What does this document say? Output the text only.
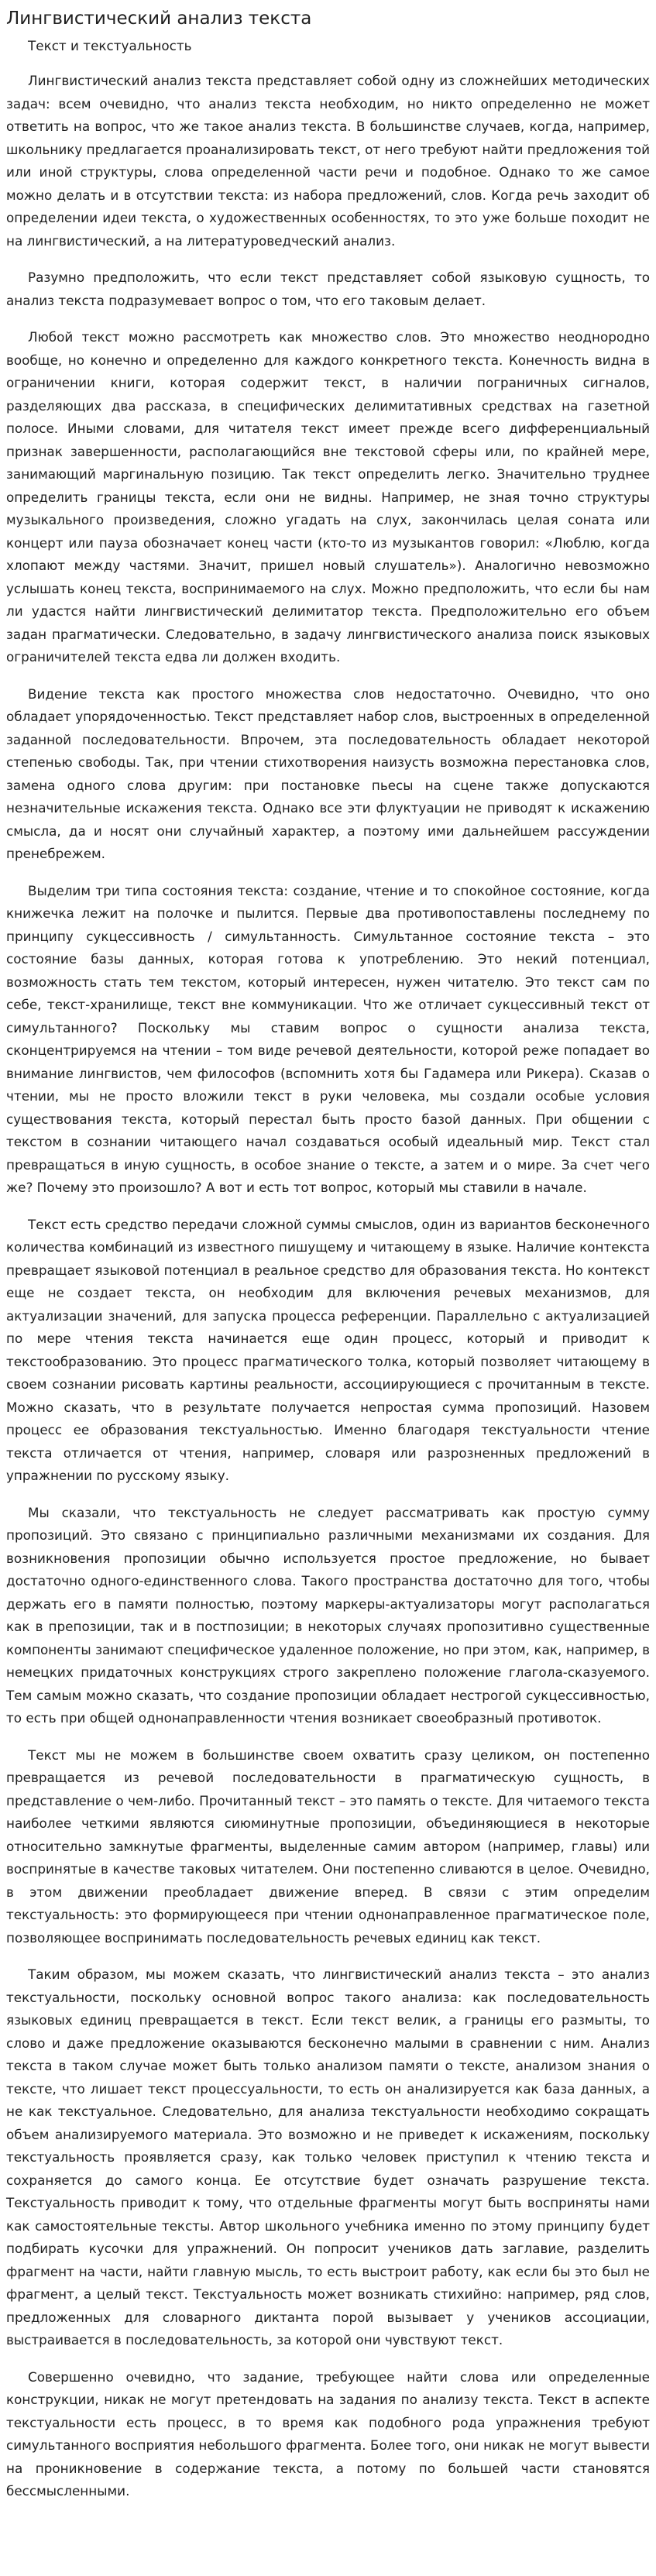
Лингвистический анализ текста
Текст и текстуальность

Лингвистический анализ текста представляет собой одну из сложнейших методических задач: всем очевидно, что анализ текста необходим, но никто определенно не может ответить на вопрос, что же такое анализ текста. В большинстве случаев, когда, например, школьнику предлагается проанализировать текст, от него требуют найти предложения той или иной структуры, слова определенной части речи и подобное. Однако то же самое можно делать и в отсутствии текста: из набора предложений, слов. Когда речь заходит об определении идеи текста, о художественных особенностях, то это уже больше походит не на лингвистический, а на литературоведческий анализ.

Разумно предположить, что если текст представляет собой языковую сущность, то анализ текста подразумевает вопрос о том, что его таковым делает.

Любой текст можно рассмотреть как множество слов. Это множество неоднородно вообще, но конечно и определенно для каждого конкретного текста. Конечность видна в ограничении книги, которая содержит текст, в наличии пограничных сигналов, разделяющих два рассказа, в специфических делимитативных средствах на газетной полосе. Иными словами, для читателя текст имеет прежде всего дифференциальный признак завершенности, располагающийся вне текстовой сферы или, по крайней мере, занимающий маргинальную позицию. Так текст определить легко. Значительно труднее определить границы текста, если они не видны. Например, не зная точно структуры музыкального произведения, сложно угадать на слух, закончилась целая соната или концерт или пауза обозначает конец части (кто-то из музыкантов говорил: «Люблю, когда хлопают между частями. Значит, пришел новый слушатель»). Аналогично невозможно услышать конец текста, воспринимаемого на слух. Можно предположить, что если бы нам ли удастся найти лингвистический делимитатор текста. Предположительно его объем задан прагматически. Следовательно, в задачу лингвистического анализа поиск языковых ограничителей текста едва ли должен входить.

Видение текста как простого множества слов недостаточно. Очевидно, что оно обладает упорядоченностью. Текст представляет набор слов, выстроенных в определенной заданной последовательности. Впрочем, эта последовательность обладает некоторой степенью свободы. Так, при чтении стихотворения наизусть возможна перестановка слов, замена одного слова другим: при постановке пьесы на сцене также допускаются незначительные искажения текста. Однако все эти флуктуации не приводят к искажению смысла, да и носят они случайный характер, а поэтому ими дальнейшем рассуждении пренебрежем.

Выделим три типа состояния текста: создание, чтение и то спокойное состояние, когда книжечка лежит на полочке и пылится. Первые два противопоставлены последнему по принципу сукцессивность / симультанность. Симультанное состояние текста – это состояние базы данных, которая готова к употреблению. Это некий потенциал, возможность стать тем текстом, который интересен, нужен читателю. Это текст сам по себе, текст-хранилище, текст вне коммуникации. Что же отличает сукцессивный текст от симультанного? Поскольку мы ставим вопрос о сущности анализа текста, сконцентрируемся на чтении – том виде речевой деятельности, которой реже попадает во внимание лингвистов, чем философов (вспомнить хотя бы Гадамера или Рикера). Сказав о чтении, мы не просто вложили текст в руки человека, мы создали особые условия существования текста, который перестал быть просто базой данных. При общении с текстом в сознании читающего начал создаваться особый идеальный мир. Текст стал превращаться в иную сущность, в особое знание о тексте, а затем и о мире. За счет чего же? Почему это произошло? А вот и есть тот вопрос, который мы ставили в начале.

Текст есть средство передачи сложной суммы смыслов, один из вариантов бесконечного количества комбинаций из известного пишущему и читающему в языке. Наличие контекста превращает языковой потенциал в реальное средство для образования текста. Но контекст еще не создает текста, он необходим для включения речевых механизмов, для актуализации значений, для запуска процесса референции. Параллельно с актуализацией по мере чтения текста начинается еще один процесс, который и приводит к текстообразованию. Это процесс прагматического толка, который позволяет читающему в своем сознании рисовать картины реальности, ассоциирующиеся с прочитанным в тексте. Можно сказать, что в результате получается непростая сумма пропозиций. Назовем процесс ее образования текстуальностью. Именно благодаря текстуальности чтение текста отличается от чтения, например, словаря или разрозненных предложений в упражнении по русскому языку.

Мы сказали, что текстуальность не следует рассматривать как простую сумму пропозиций. Это связано с принципиально различными механизмами их создания. Для возникновения пропозиции обычно используется простое предложение, но бывает достаточно одного-единственного слова. Такого пространства достаточно для того, чтобы держать его в памяти полностью, поэтому маркеры-актуализаторы могут располагаться как в препозиции, так и в постпозиции; в некоторых случаях пропозитивно существенные компоненты занимают специфическое удаленное положение, но при этом, как, например, в немецких придаточных конструкциях строго закреплено положение глагола-сказуемого. Тем самым можно сказать, что создание пропозиции обладает нестрогой сукцессивностью, то есть при общей однонаправленности чтения возникает своеобразный противоток.

Текст мы не можем в большинстве своем охватить сразу целиком, он постепенно превращается из речевой последовательности в прагматическую сущность, в представление о чем-либо. Прочитанный текст – это память о тексте. Для читаемого текста наиболее четкими являются сиюминутные пропозиции, объединяющиеся в некоторые относительно замкнутые фрагменты, выделенные самим автором (например, главы) или воспринятые в качестве таковых читателем. Они постепенно сливаются в целое. Очевидно, в этом движении преобладает движение вперед. В связи с этим определим текстуальность: это формирующееся при чтении однонаправленное прагматическое поле, позволяющее воспринимать последовательность речевых единиц как текст.

Таким образом, мы можем сказать, что лингвистический анализ текста – это анализ текстуальности, поскольку основной вопрос такого анализа: как последовательность языковых единиц превращается в текст. Если текст велик, а границы его размыты, то слово и даже предложение оказываются бесконечно малыми в сравнении с ним. Анализ текста в таком случае может быть только анализом памяти о тексте, анализом знания о тексте, что лишает текст процессуальности, то есть он анализируется как база данных, а не как текстуальное. Следовательно, для анализа текстуальности необходимо сокращать объем анализируемого материала. Это возможно и не приведет к искажениям, поскольку текстуальность проявляется сразу, как только человек приступил к чтению текста и сохраняется до самого конца. Ее отсутствие будет означать разрушение текста. Текстуальность приводит к тому, что отдельные фрагменты могут быть восприняты нами как самостоятельные тексты. Автор школьного учебника именно по этому принципу будет подбирать кусочки для упражнений. Он попросит учеников дать заглавие, разделить фрагмент на части, найти главную мысль, то есть выстроит работу, как если бы это был не фрагмент, а целый текст. Текстуальность может возникать стихийно: например, ряд слов, предложенных для словарного диктанта порой вызывает у учеников ассоциации, выстраивается в последовательность, за которой они чувствуют текст.

Совершенно очевидно, что задание, требующее найти слова или определенные конструкции, никак не могут претендовать на задания по анализу текста. Текст в аспекте текстуальности есть процесс, в то время как подобного рода упражнения требуют симультанного восприятия небольшого фрагмента. Более того, они никак не могут вывести на проникновение в содержание текста, а потому по большей части становятся бессмысленными.
